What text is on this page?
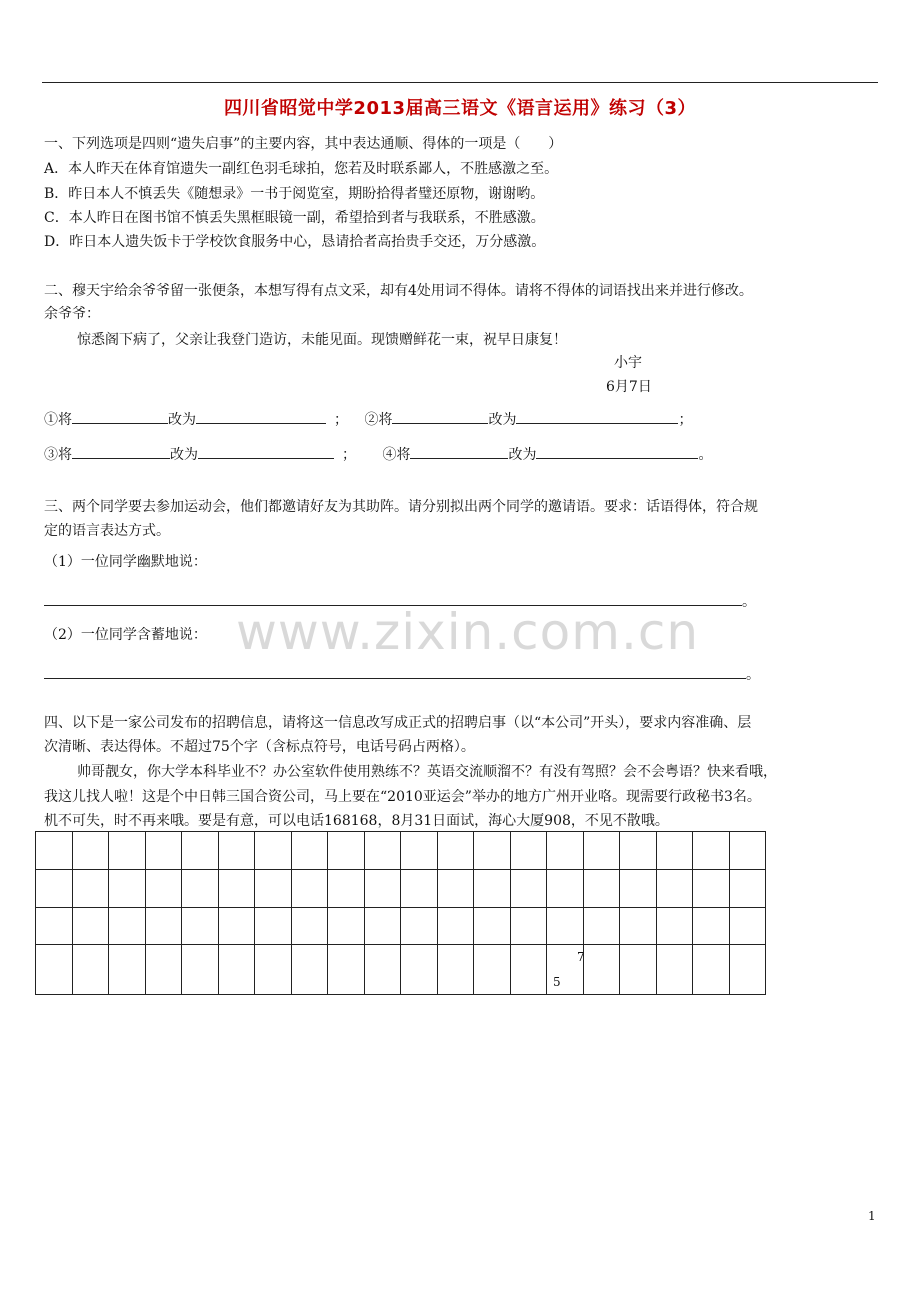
四川省昭觉中学2013届高三语文《语言运用》练习（3）
一、下列选项是四则“遗失启事”的主要内容，其中表达通顺、得体的一项是（　　）
A．本人昨天在体育馆遗失一副红色羽毛球拍，您若及时联系鄙人，不胜感激之至。
B．昨日本人不慎丢失《随想录》一书于阅览室，期盼拾得者璧还原物，谢谢哟。
C．本人昨日在图书馆不慎丢失黑框眼镜一副，希望拾到者与我联系，不胜感激。
D．昨日本人遗失饭卡于学校饮食服务中心，恳请拾者高抬贵手交还，万分感激。
二、穆天宇给余爷爷留一张便条，本想写得有点文采，却有4处用词不得体。请将不得体的词语找出来并进行修改。
余爷爷：
惊悉阁下病了，父亲让我登门造访，未能见面。现馈赠鲜花一束，祝早日康复！
小宇
6月7日
①将	改为	； ②将	改为	；
③将	改为	； ④将	改为	。
三、两个同学要去参加运动会，他们都邀请好友为其助阵。请分别拟出两个同学的邀请语。要求：话语得体，符合规
定的语言表达方式。
（1）一位同学幽默地说：
。
（2）一位同学含蓄地说：
。
四、以下是一家公司发布的招聘信息，请将这一信息改写成正式的招聘启事（以“本公司”开头），要求内容准确、层
次清晰、表达得体。不超过75个字（含标点符号，电话号码占两格）。
帅哥靓女，你大学本科毕业不？办公室软件使用熟练不？英语交流顺溜不？有没有驾照？会不会粤语？快来看哦，
我这儿找人啦！这是个中日韩三国合资公司，马上要在“2010亚运会”举办的地方广州开业咯。现需要行政秘书3名。
机不可失，时不再来哦。要是有意，可以电话168168，8月31日面试，海心大厦908，不见不散哦。

7
5
www.zixin.com.cn
1
